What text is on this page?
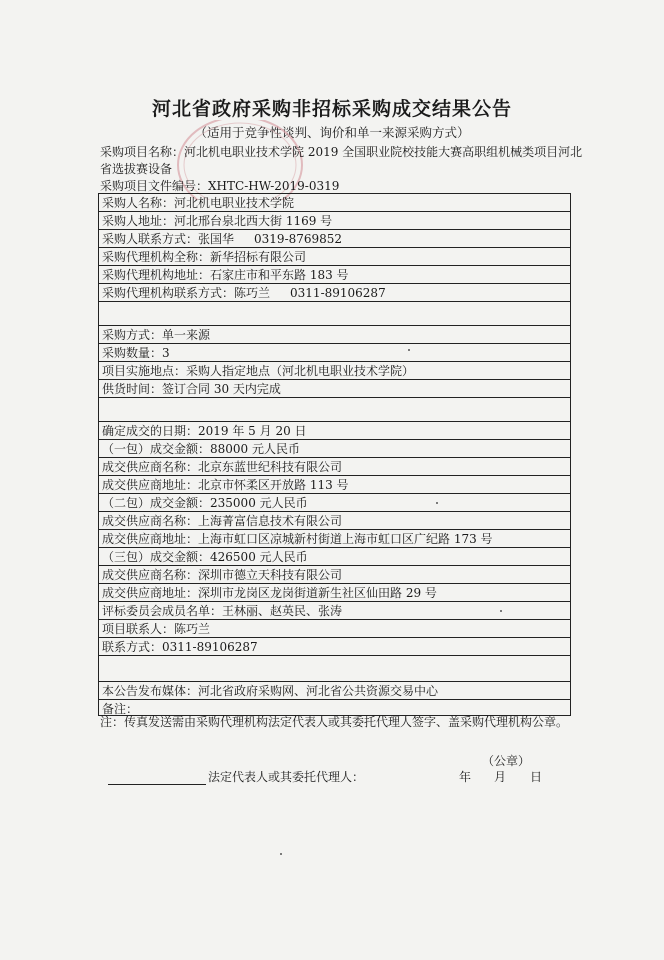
河北省政府采购非招标采购成交结果公告
（适用于竞争性谈判、询价和单一来源采购方式）
采购项目名称：河北机电职业技术学院 2019 全国职业院校技能大赛高职组机械类项目河北
省选拔赛设备
采购项目文件编号：XHTC-HW-2019-0319
采购人名称：河北机电职业技术学院
采购人地址：河北邢台泉北西大街 1169 号
采购人联系方式：张国华 0319-8769852
采购代理机构全称：新华招标有限公司
采购代理机构地址：石家庄市和平东路 183 号
采购代理机构联系方式：陈巧兰 0311-89106287
采购方式：单一来源
采购数量：3
项目实施地点：采购人指定地点（河北机电职业技术学院）
供货时间：签订合同 30 天内完成
确定成交的日期：2019 年 5 月 20 日
（一包）成交金额：88000 元人民币
成交供应商名称：北京东蓝世纪科技有限公司
成交供应商地址：北京市怀柔区开放路 113 号
（二包）成交金额：235000 元人民币
成交供应商名称：上海菁富信息技术有限公司
成交供应商地址：上海市虹口区凉城新村街道上海市虹口区广纪路 173 号
（三包）成交金额：426500 元人民币
成交供应商名称：深圳市德立天科技有限公司
成交供应商地址：深圳市龙岗区龙岗街道新生社区仙田路 29 号
评标委员会成员名单：王林丽、赵英民、张涛
项目联系人：陈巧兰
联系方式：0311-89106287
本公告发布媒体：河北省政府采购网、河北省公共资源交易中心
备注：
注：传真发送需由采购代理机构法定代表人或其委托代理人签字、盖采购代理机构公章。
（公章）
法定代表人或其委托代理人：	年 月 日
